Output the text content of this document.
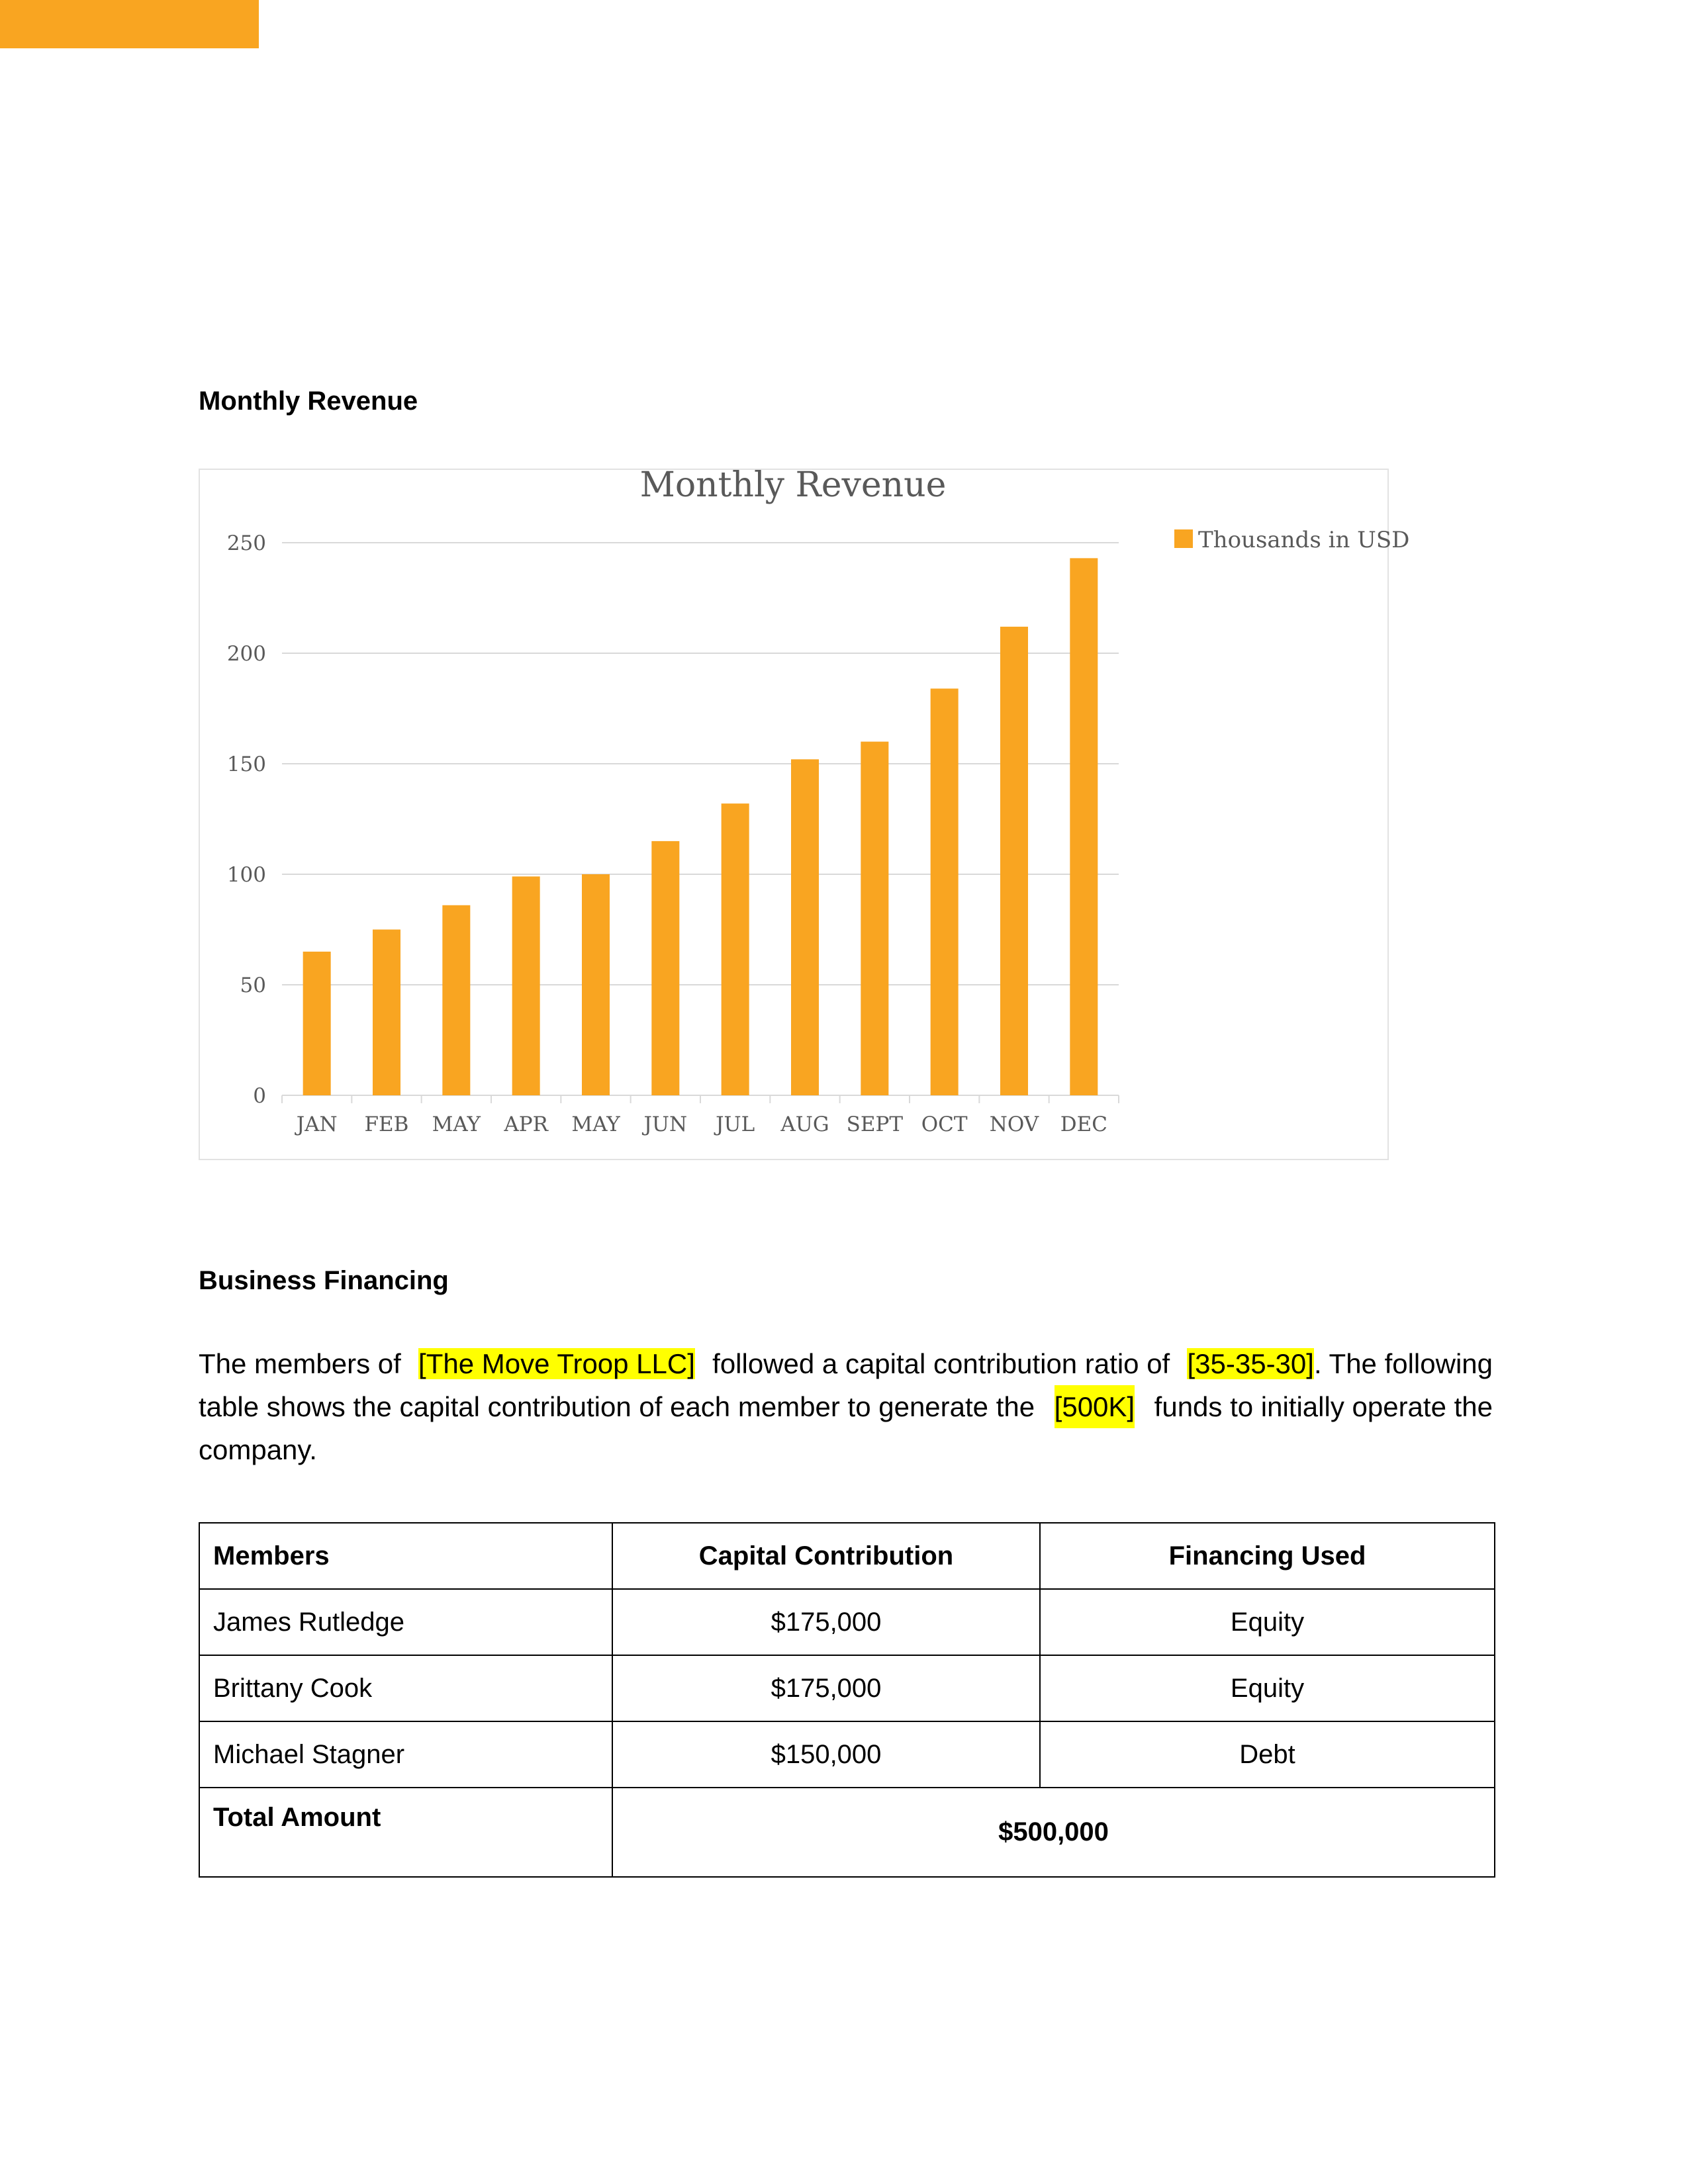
Monthly Revenue
Monthly Revenue
0
50
100
150
200
250
JAN FEB MAY APR MAY JUN JUL AUG SEPT OCT NOV DEC
Thousands in USD
Business Financing
The members of [The Move Troop LLC] followed a capital contribution ratio of [35-35-30]. The following
table shows the capital contribution of each member to generate the [500K] funds to initially operate the
company.
Members	Capital Contribution	Financing Used
James Rutledge	$175,000	Equity
Brittany Cook	$175,000	Equity
Michael Stagner	$150,000	Debt
Total Amount	$500,000	
